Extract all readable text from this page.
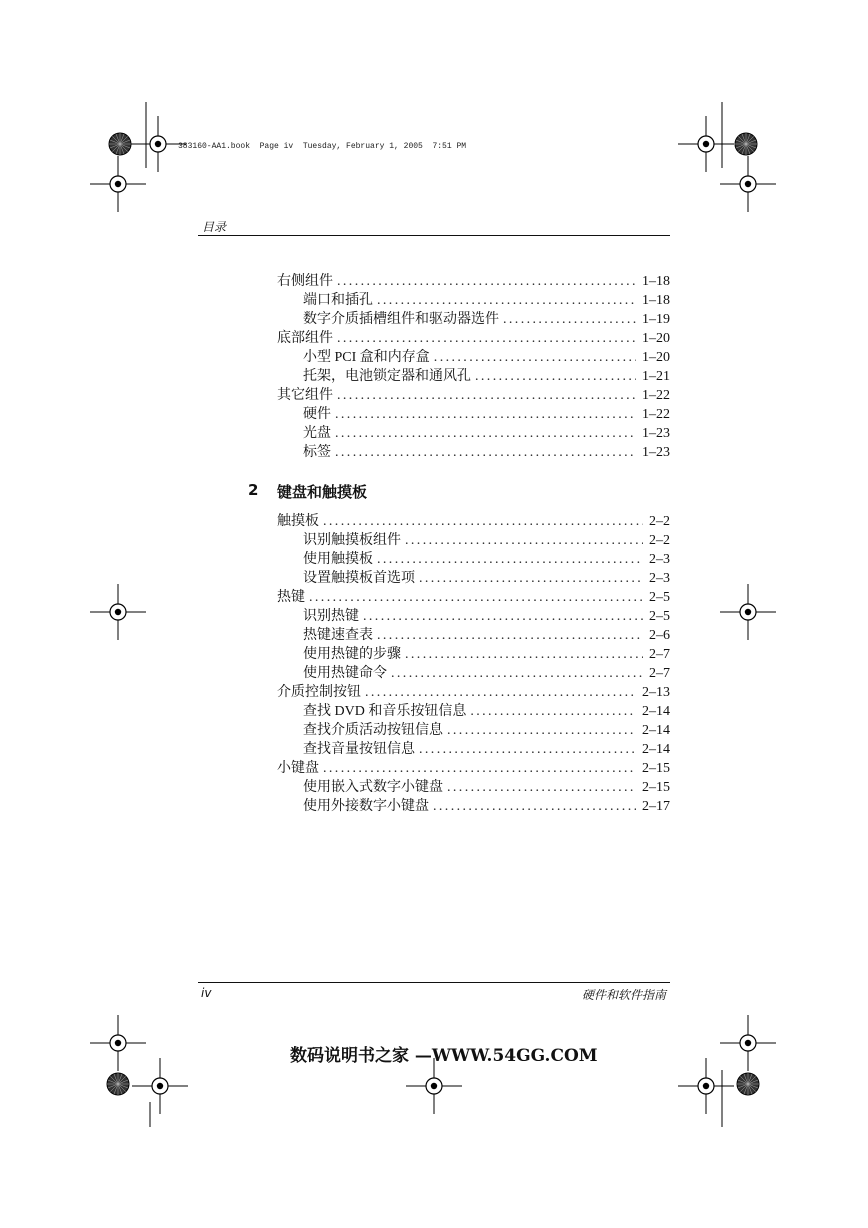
383160-AA1.book  Page iv  Tuesday, February 1, 2005  7:51 PM
目录
右侧组件 .....	1–18
端口和插孔 .....	1–18
数字介质插槽组件和驱动器选件 .....	1–19
底部组件 .....	1–20
小型 PCI 盒和内存盒 .....	1–20
托架，电池锁定器和通风孔 .....	1–21
其它组件 .....	1–22
硬件 .....	1–22
光盘 .....	1–23
标签 .....	1–23
2 键盘和触摸板
触摸板 .....	2–2
识别触摸板组件 .....	2–2
使用触摸板 .....	2–3
设置触摸板首选项 .....	2–3
热键 .....	2–5
识别热键 .....	2–5
热键速查表 .....	2–6
使用热键的步骤 .....	2–7
使用热键命令 .....	2–7
介质控制按钮 .....	2–13
查找 DVD 和音乐按钮信息 .....	2–14
查找介质活动按钮信息 .....	2–14
查找音量按钮信息 .....	2–14
小键盘 .....	2–15
使用嵌入式数字小键盘 .....	2–15
使用外接数字小键盘 .....	2–17
iv	硬件和软件指南
数码说明书之家 —WWW.54GG.COM
